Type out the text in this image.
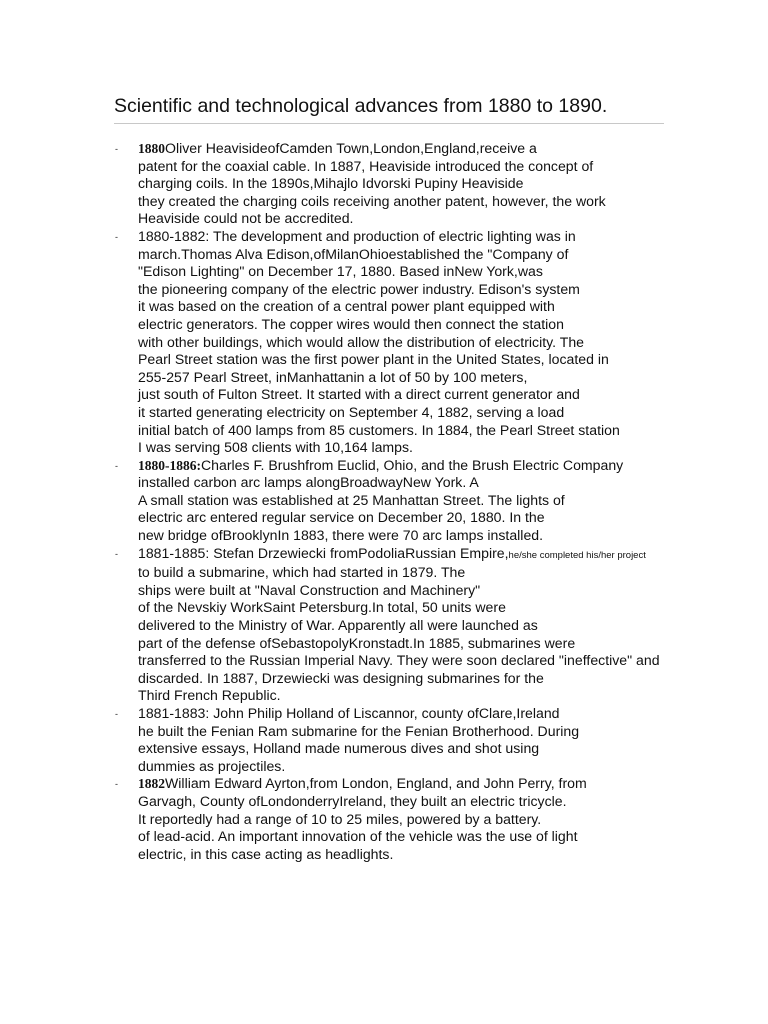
Scientific and technological advances from 1880 to 1890.
- 1880Oliver HeavisideofCamden Town,London,England,receive a
patent for the coaxial cable. In 1887, Heaviside introduced the concept of
charging coils. In the 1890s,Mihajlo Idvorski Pupiny Heaviside
they created the charging coils receiving another patent, however, the work
Heaviside could not be accredited.
- 1880-1882: The development and production of electric lighting was in
march.Thomas Alva Edison,ofMilanOhioestablished the "Company of
"Edison Lighting" on December 17, 1880. Based inNew York,was
the pioneering company of the electric power industry. Edison's system
it was based on the creation of a central power plant equipped with
electric generators. The copper wires would then connect the station
with other buildings, which would allow the distribution of electricity. The
Pearl Street station was the first power plant in the United States, located in
255-257 Pearl Street, inManhattanin a lot of 50 by 100 meters,
just south of Fulton Street. It started with a direct current generator and
it started generating electricity on September 4, 1882, serving a load
initial batch of 400 lamps from 85 customers. In 1884, the Pearl Street station
I was serving 508 clients with 10,164 lamps.
- 1880-1886:Charles F. Brushfrom Euclid, Ohio, and the Brush Electric Company
installed carbon arc lamps alongBroadwayNew York. A
A small station was established at 25 Manhattan Street. The lights of
electric arc entered regular service on December 20, 1880. In the
new bridge ofBrooklynIn 1883, there were 70 arc lamps installed.
- 1881-1885: Stefan Drzewiecki fromPodoliaRussian Empire,he/she completed his/her project
to build a submarine, which had started in 1879. The
ships were built at "Naval Construction and Machinery"
of the Nevskiy WorkSaint Petersburg.In total, 50 units were
delivered to the Ministry of War. Apparently all were launched as
part of the defense ofSebastopolyKronstadt.In 1885, submarines were
transferred to the Russian Imperial Navy. They were soon declared "ineffective" and
discarded. In 1887, Drzewiecki was designing submarines for the
Third French Republic.
- 1881-1883: John Philip Holland of Liscannor, county ofClare,Ireland
he built the Fenian Ram submarine for the Fenian Brotherhood. During
extensive essays, Holland made numerous dives and shot using
dummies as projectiles.
- 1882William Edward Ayrton,from London, England, and John Perry, from
Garvagh, County ofLondonderryIreland, they built an electric tricycle.
It reportedly had a range of 10 to 25 miles, powered by a battery.
of lead-acid. An important innovation of the vehicle was the use of light
electric, in this case acting as headlights.
